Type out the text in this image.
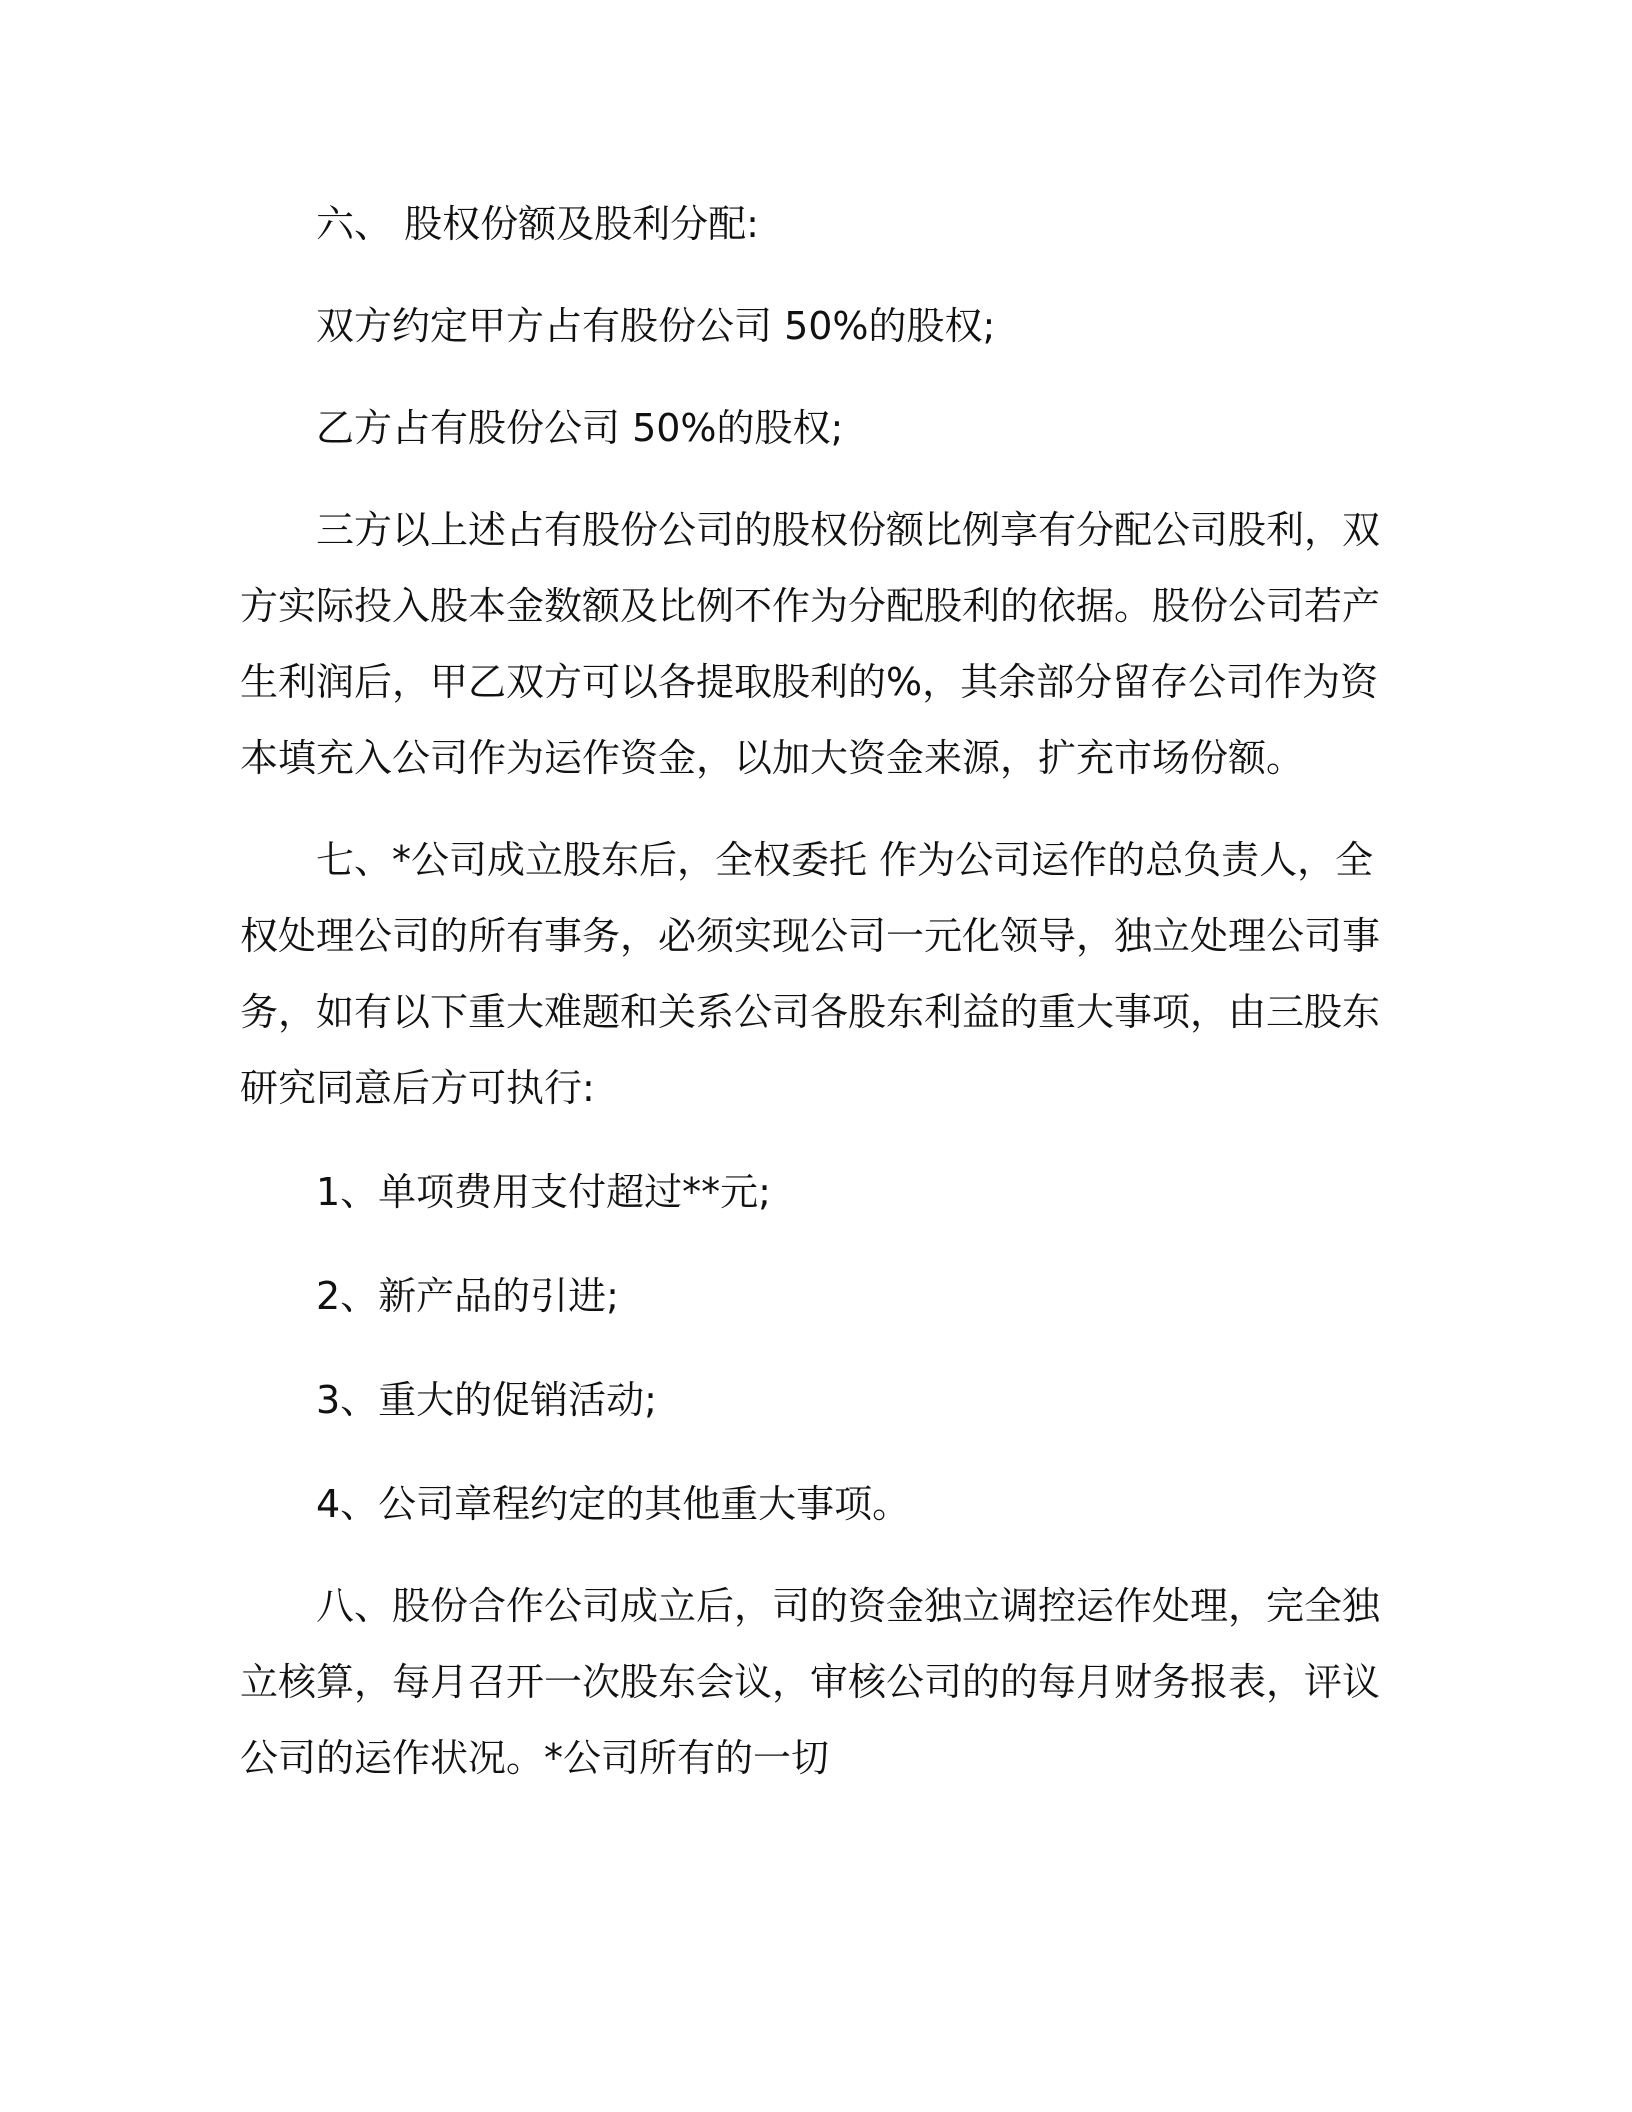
六、 股权份额及股利分配:

双方约定甲方占有股份公司 50%的股权;

乙方占有股份公司 50%的股权;

三方以上述占有股份公司的股权份额比例享有分配公司股利，双方实际投入股本金数额及比例不作为分配股利的依据。股份公司若产生利润后，甲乙双方可以各提取股利的%，其余部分留存公司作为资本填充入公司作为运作资金，以加大资金来源，扩充市场份额。

七、*公司成立股东后，全权委托 作为公司运作的总负责人，全权处理公司的所有事务，必须实现公司一元化领导，独立处理公司事务，如有以下重大难题和关系公司各股东利益的重大事项，由三股东研究同意后方可执行:

1、单项费用支付超过**元;

2、新产品的引进;

3、重大的促销活动;

4、公司章程约定的其他重大事项。

八、股份合作公司成立后，司的资金独立调控运作处理，完全独立核算，每月召开一次股东会议，审核公司的的每月财务报表，评议公司的运作状况。*公司所有的一切
